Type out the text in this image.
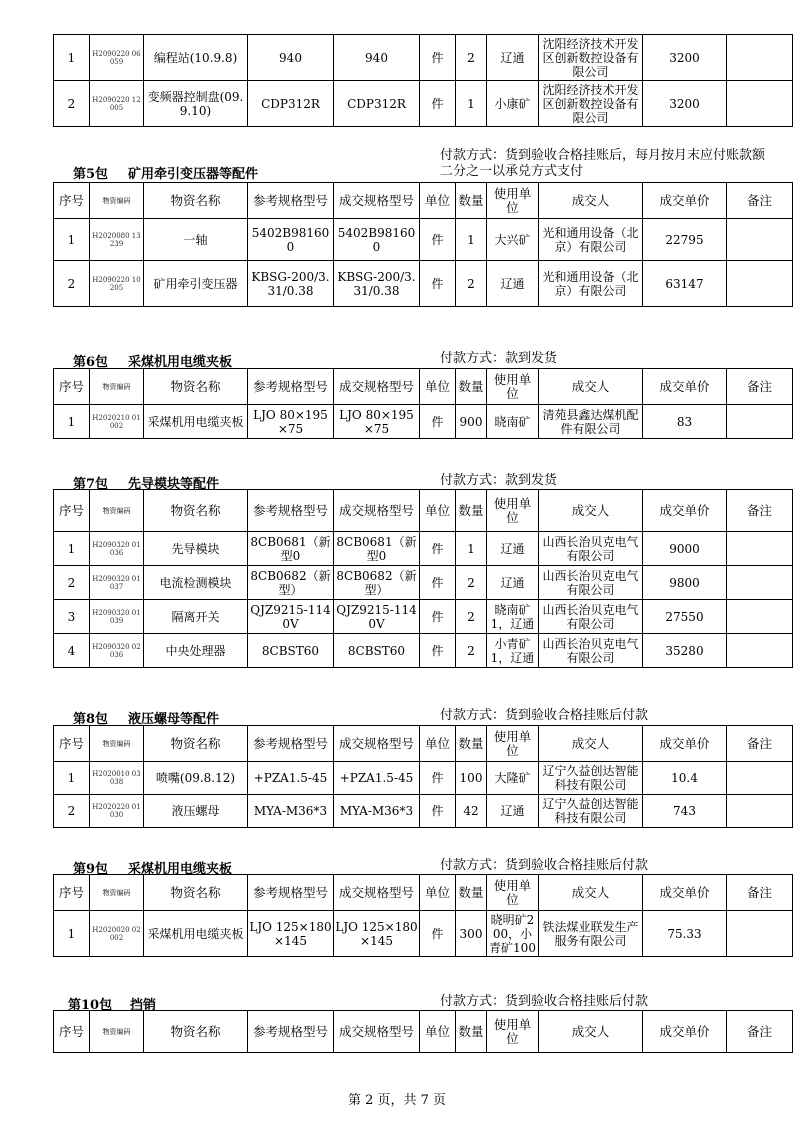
1	H2090220 06059	编程站(10.9.8)	940	940	件	2	辽通	沈阳经济技术开发区创新数控设备有限公司	3200	
2	H2090220 12005	变频器控制盘(09.9.10)	CDP312R	CDP312R	件	1	小康矿	沈阳经济技术开发区创新数控设备有限公司	3200	
第5包 矿用牵引变压器等配件
付款方式：货到验收合格挂账后，每月按月末应付账款额二分之一以承兑方式支付
序号	物资编码	物资名称	参考规格型号	成交规格型号	单位	数量	使用单位	成交人	成交单价	备注
1	H2020080 13239	一轴	5402B981600	5402B981600	件	1	大兴矿	光和通用设备（北京）有限公司	22795	
2	H2090220 10205	矿用牵引变压器	KBSG-200/3.31/0.38	KBSG-200/3.31/0.38	件	2	辽通	光和通用设备（北京）有限公司	63147	
第6包 采煤机用电缆夹板	付款方式：款到发货
序号	物资编码	物资名称	参考规格型号	成交规格型号	单位	数量	使用单位	成交人	成交单价	备注
1	H2020210 01002	采煤机用电缆夹板	LJO 80×195×75	LJO 80×195×75	件	900	晓南矿	清苑县鑫达煤机配件有限公司	83	
第7包 先导模块等配件	付款方式：款到发货
序号	物资编码	物资名称	参考规格型号	成交规格型号	单位	数量	使用单位	成交人	成交单价	备注
1	H2090320 01036	先导模块	8CB0681（新型0	8CB0681（新型0	件	1	辽通	山西长治贝克电气有限公司	9000	
2	H2090320 01037	电流检测模块	8CB0682（新型）	8CB0682（新型）	件	2	辽通	山西长治贝克电气有限公司	9800	
3	H2090320 01039	隔离开关	QJZ9215-1140V	QJZ9215-1140V	件	2	晓南矿1，辽通	山西长治贝克电气有限公司	27550	
4	H2090320 02036	中央处理器	8CBST60	8CBST60	件	2	小青矿1，辽通	山西长治贝克电气有限公司	35280	
第8包 液压螺母等配件	付款方式：货到验收合格挂账后付款
序号	物资编码	物资名称	参考规格型号	成交规格型号	单位	数量	使用单位	成交人	成交单价	备注
1	H2020010 03038	喷嘴(09.8.12)	+PZA1.5-45	+PZA1.5-45	件	100	大隆矿	辽宁久益创达智能科技有限公司	10.4	
2	H2020220 01030	液压螺母	MYA-M36*3	MYA-M36*3	件	42	辽通	辽宁久益创达智能科技有限公司	743	
第9包 采煤机用电缆夹板	付款方式：货到验收合格挂账后付款
序号	物资编码	物资名称	参考规格型号	成交规格型号	单位	数量	使用单位	成交人	成交单价	备注
1	H2020020 02002	采煤机用电缆夹板	LJO 125×180×145	LJO 125×180×145	件	300	晓明矿200，小青矿100	铁法煤业联发生产服务有限公司	75.33	
第10包 挡销	付款方式：货到验收合格挂账后付款
序号	物资编码	物资名称	参考规格型号	成交规格型号	单位	数量	使用单位	成交人	成交单价	备注
第 2 页，共 7 页
